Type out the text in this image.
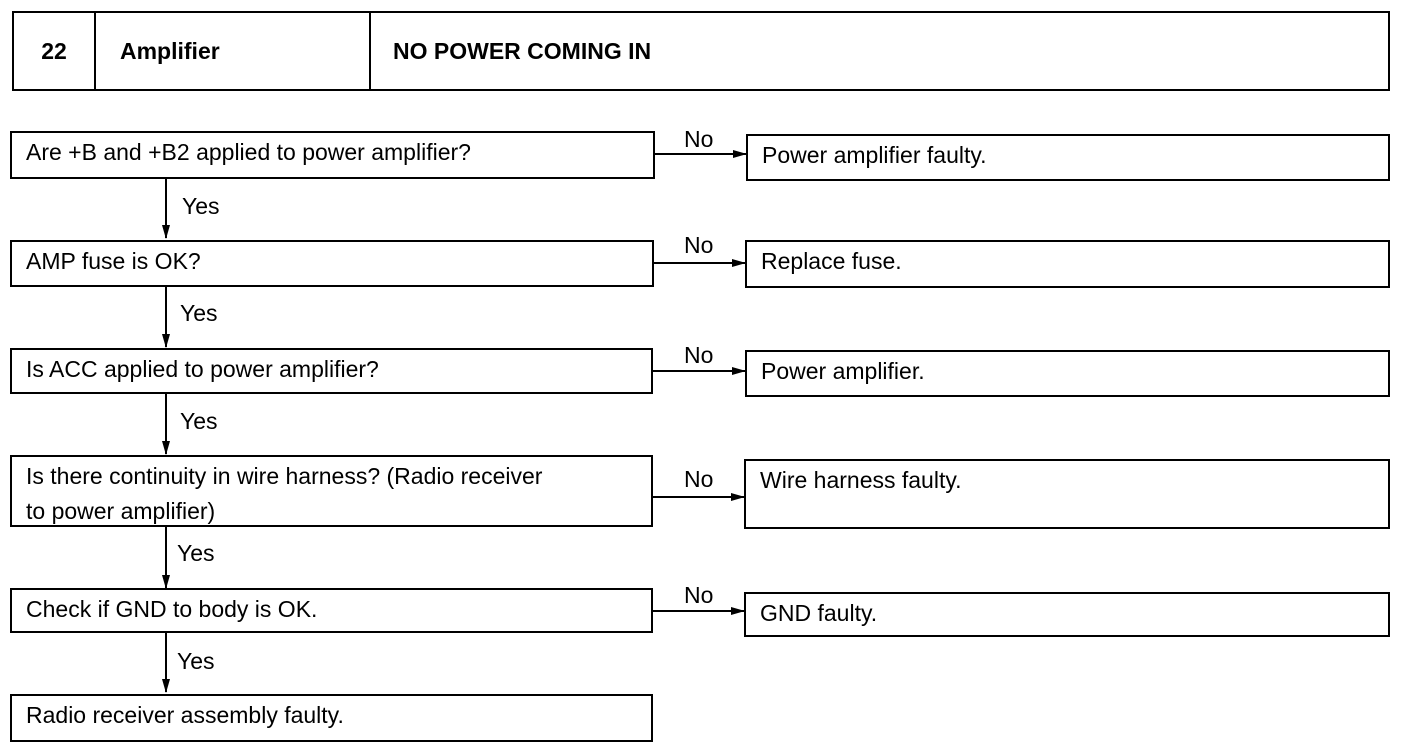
22	Amplifier	NO POWER COMING IN
Are +B and +B2 applied to power amplifier?
AMP fuse is OK?
Is ACC applied to power amplifier?
Is there continuity in wire harness? (Radio receiver
to power amplifier)
Check if GND to body is OK.
Radio receiver assembly faulty.
Power amplifier faulty.
Replace fuse.
Power amplifier.
Wire harness faulty.
GND faulty.
Yes
Yes
Yes
Yes
Yes
No
No
No
No
No
